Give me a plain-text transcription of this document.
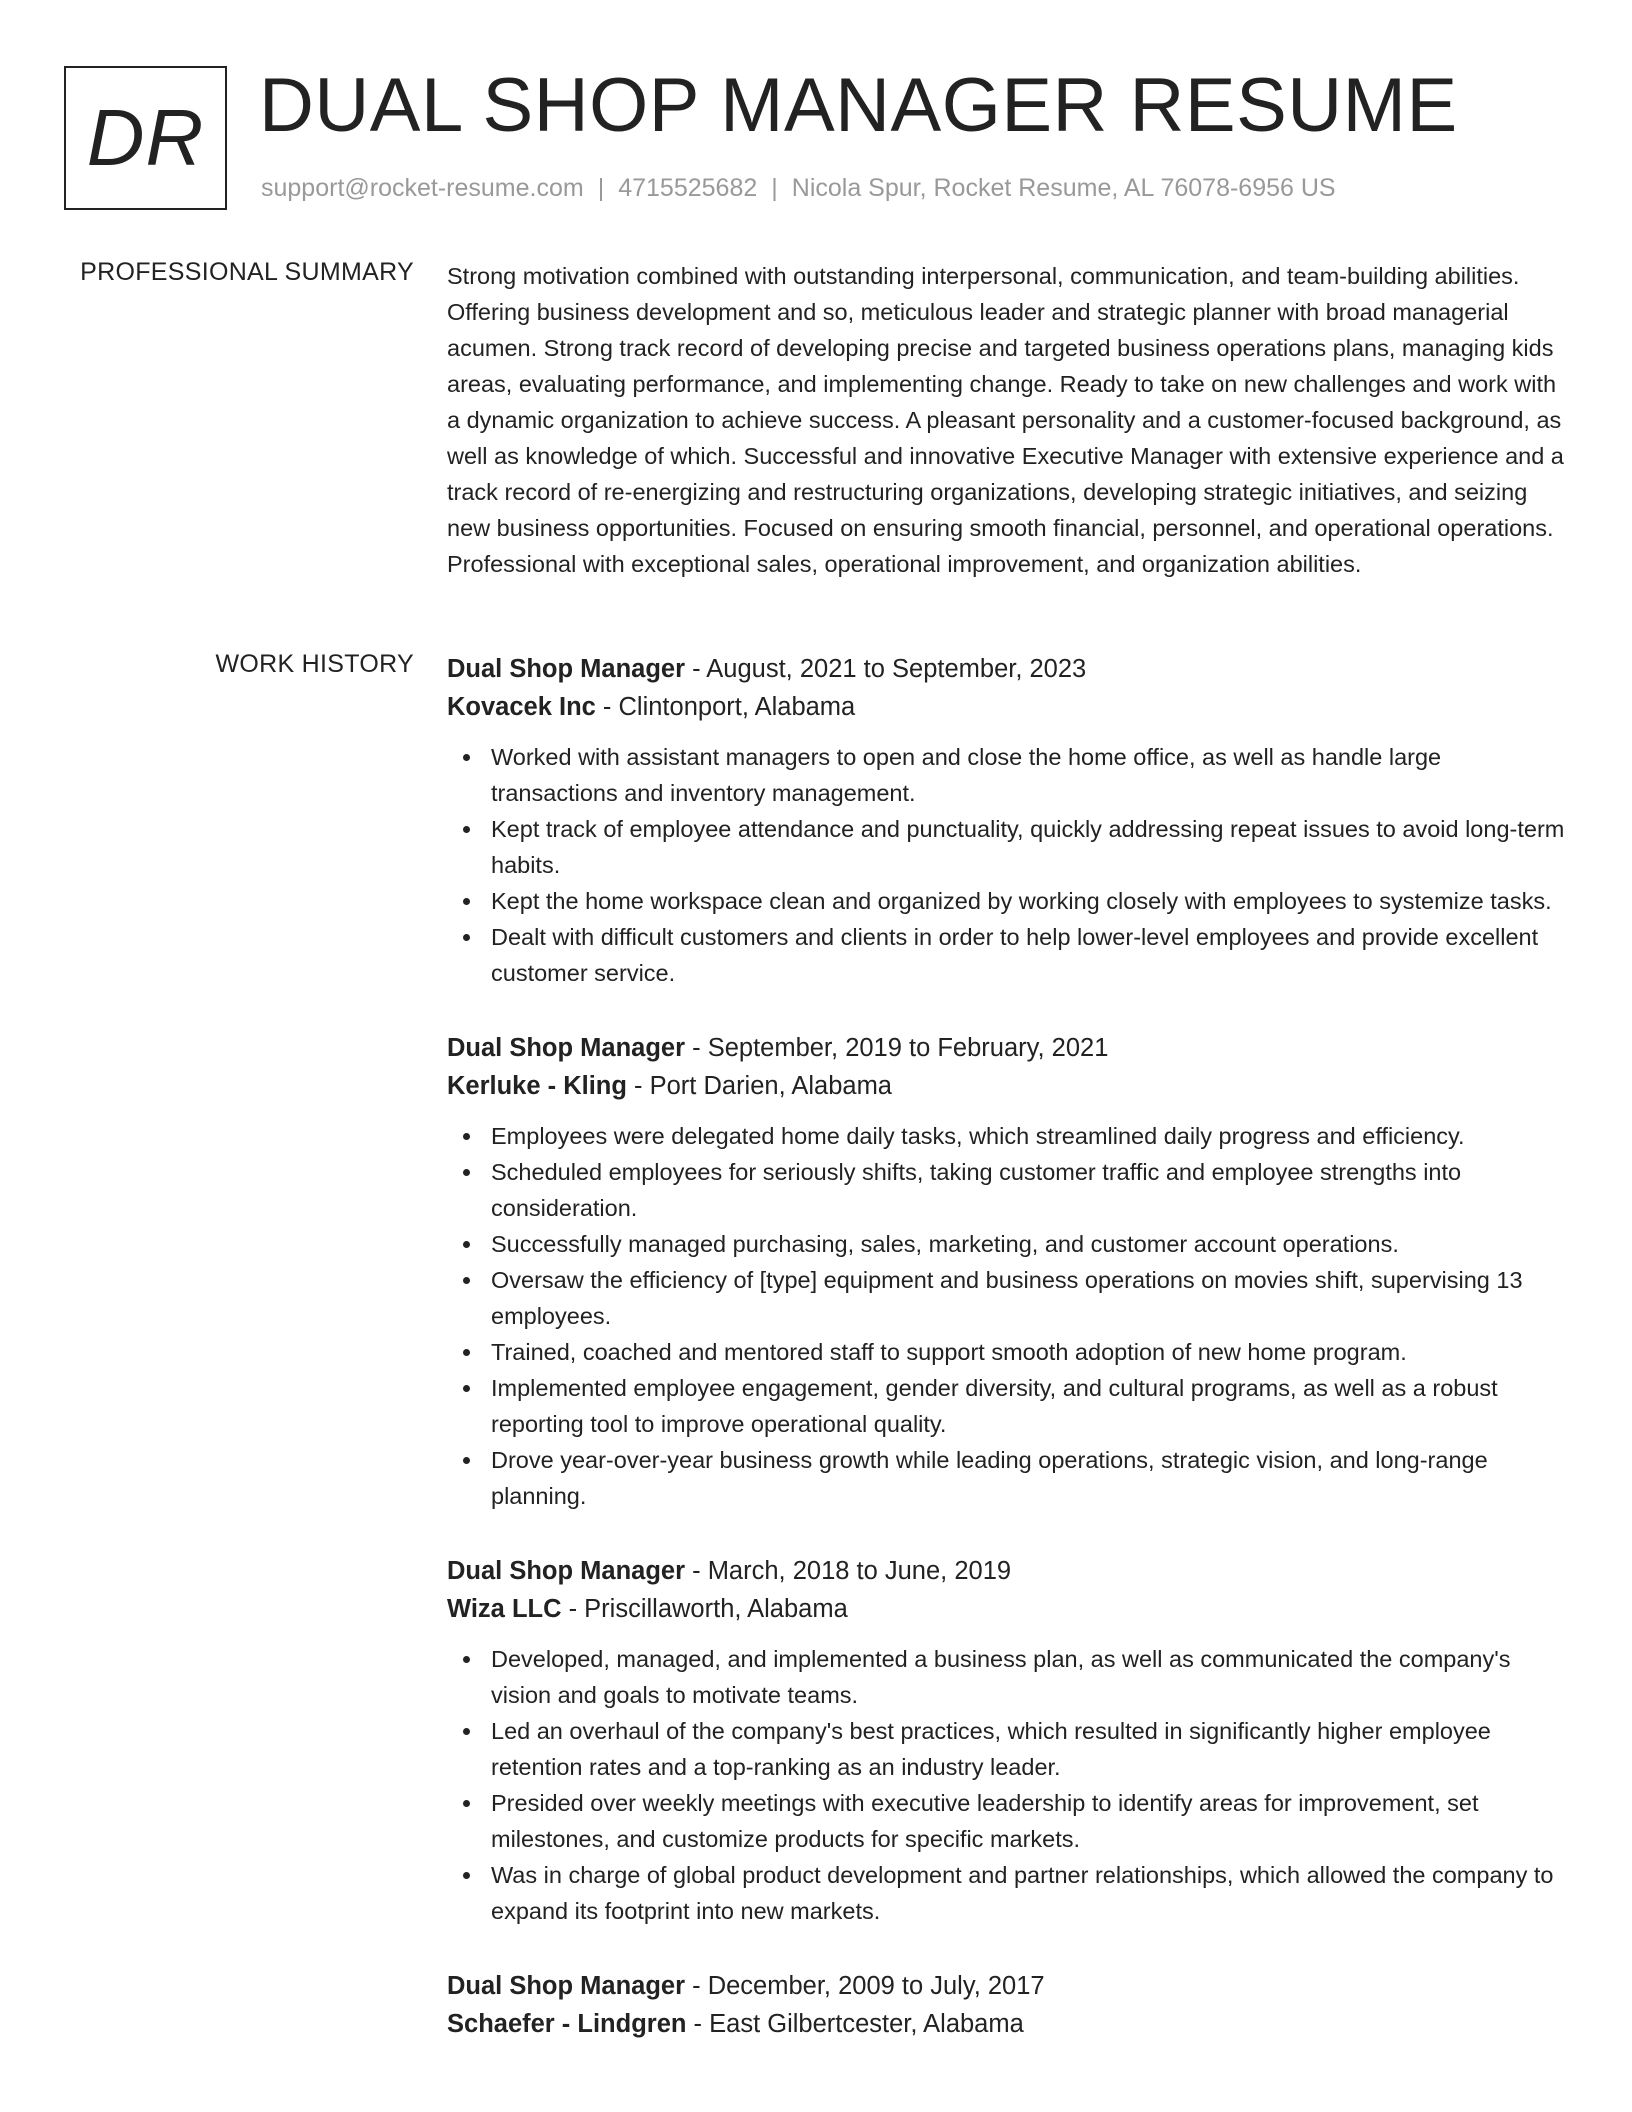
DR DUAL SHOP MANAGER RESUME
support@rocket-resume.com | 4715525682 | Nicola Spur, Rocket Resume, AL 76078-6956 US
PROFESSIONAL SUMMARY Strong motivation combined with outstanding interpersonal, communication, and team-building abilities. Offering business development and so, meticulous leader and strategic planner with broad managerial acumen. Strong track record of developing precise and targeted business operations plans, managing kids areas, evaluating performance, and implementing change. Ready to take on new challenges and work with a dynamic organization to achieve success. A pleasant personality and a customer-focused background, as well as knowledge of which. Successful and innovative Executive Manager with extensive experience and a track record of re-energizing and restructuring organizations, developing strategic initiatives, and seizing new business opportunities. Focused on ensuring smooth financial, personnel, and operational operations. Professional with exceptional sales, operational improvement, and organization abilities.

WORK HISTORY Dual Shop Manager - August, 2021 to September, 2023
Kovacek Inc - Clintonport, Alabama
Worked with assistant managers to open and close the home office, as well as handle large transactions and inventory management.
Kept track of employee attendance and punctuality, quickly addressing repeat issues to avoid long-term habits.
Kept the home workspace clean and organized by working closely with employees to systemize tasks.
Dealt with difficult customers and clients in order to help lower-level employees and provide excellent customer service.
Dual Shop Manager - September, 2019 to February, 2021
Kerluke - Kling - Port Darien, Alabama
Employees were delegated home daily tasks, which streamlined daily progress and efficiency.
Scheduled employees for seriously shifts, taking customer traffic and employee strengths into consideration.
Successfully managed purchasing, sales, marketing, and customer account operations.
Oversaw the efficiency of [type] equipment and business operations on movies shift, supervising 13 employees.
Trained, coached and mentored staff to support smooth adoption of new home program.
Implemented employee engagement, gender diversity, and cultural programs, as well as a robust reporting tool to improve operational quality.
Drove year-over-year business growth while leading operations, strategic vision, and long-range planning.
Dual Shop Manager - March, 2018 to June, 2019
Wiza LLC - Priscillaworth, Alabama
Developed, managed, and implemented a business plan, as well as communicated the company's vision and goals to motivate teams.
Led an overhaul of the company's best practices, which resulted in significantly higher employee retention rates and a top-ranking as an industry leader.
Presided over weekly meetings with executive leadership to identify areas for improvement, set milestones, and customize products for specific markets.
Was in charge of global product development and partner relationships, which allowed the company to expand its footprint into new markets.
Dual Shop Manager - December, 2009 to July, 2017
Schaefer - Lindgren - East Gilbertcester, Alabama
